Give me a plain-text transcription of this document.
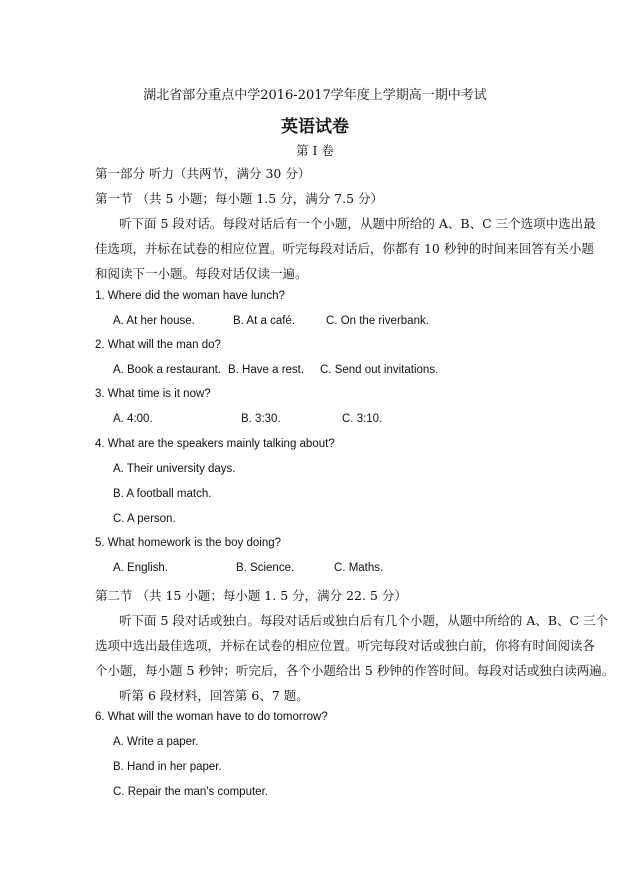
湖北省部分重点中学2016-2017学年度上学期高一期中考试
英语试卷
第 I 卷
第一部分 听力（共两节，满分 30 分）
第一节 （共 5 小题；每小题 1.5 分，满分 7.5 分）
听下面 5 段对话。每段对话后有一个小题，从题中所给的 A、B、C 三个选项中选出最
佳选项，并标在试卷的相应位置。听完每段对话后，你都有 10 秒钟的时间来回答有关小题
和阅读下一小题。每段对话仅读一遍。
1. Where did the woman have lunch?
A. At her house.	B. At a café.	C. On the riverbank.
2. What will the man do?
A. Book a restaurant. B. Have a rest. C. Send out invitations.
3. What time is it now?
A. 4:00.	B. 3:30.	C. 3:10.
4. What are the speakers mainly talking about?
A. Their university days.
B. A football match.
C. A person.
5. What homework is the boy doing?
A. English.	B. Science.	C. Maths.
第二节 （共 15 小题；每小题 1. 5 分，满分 22. 5 分）
听下面 5 段对话或独白。每段对话后或独白后有几个小题，从题中所给的 A、B、C 三个
选项中选出最佳选项，并标在试卷的相应位置。听完每段对话或独白前，你将有时间阅读各
个小题，每小题 5 秒钟；听完后，各个小题给出 5 秒钟的作答时间。每段对话或独白读两遍。
听第 6 段材料，回答第 6、7 题。
6. What will the woman have to do tomorrow?
A. Write a paper.
B. Hand in her paper.
C. Repair the man's computer.
